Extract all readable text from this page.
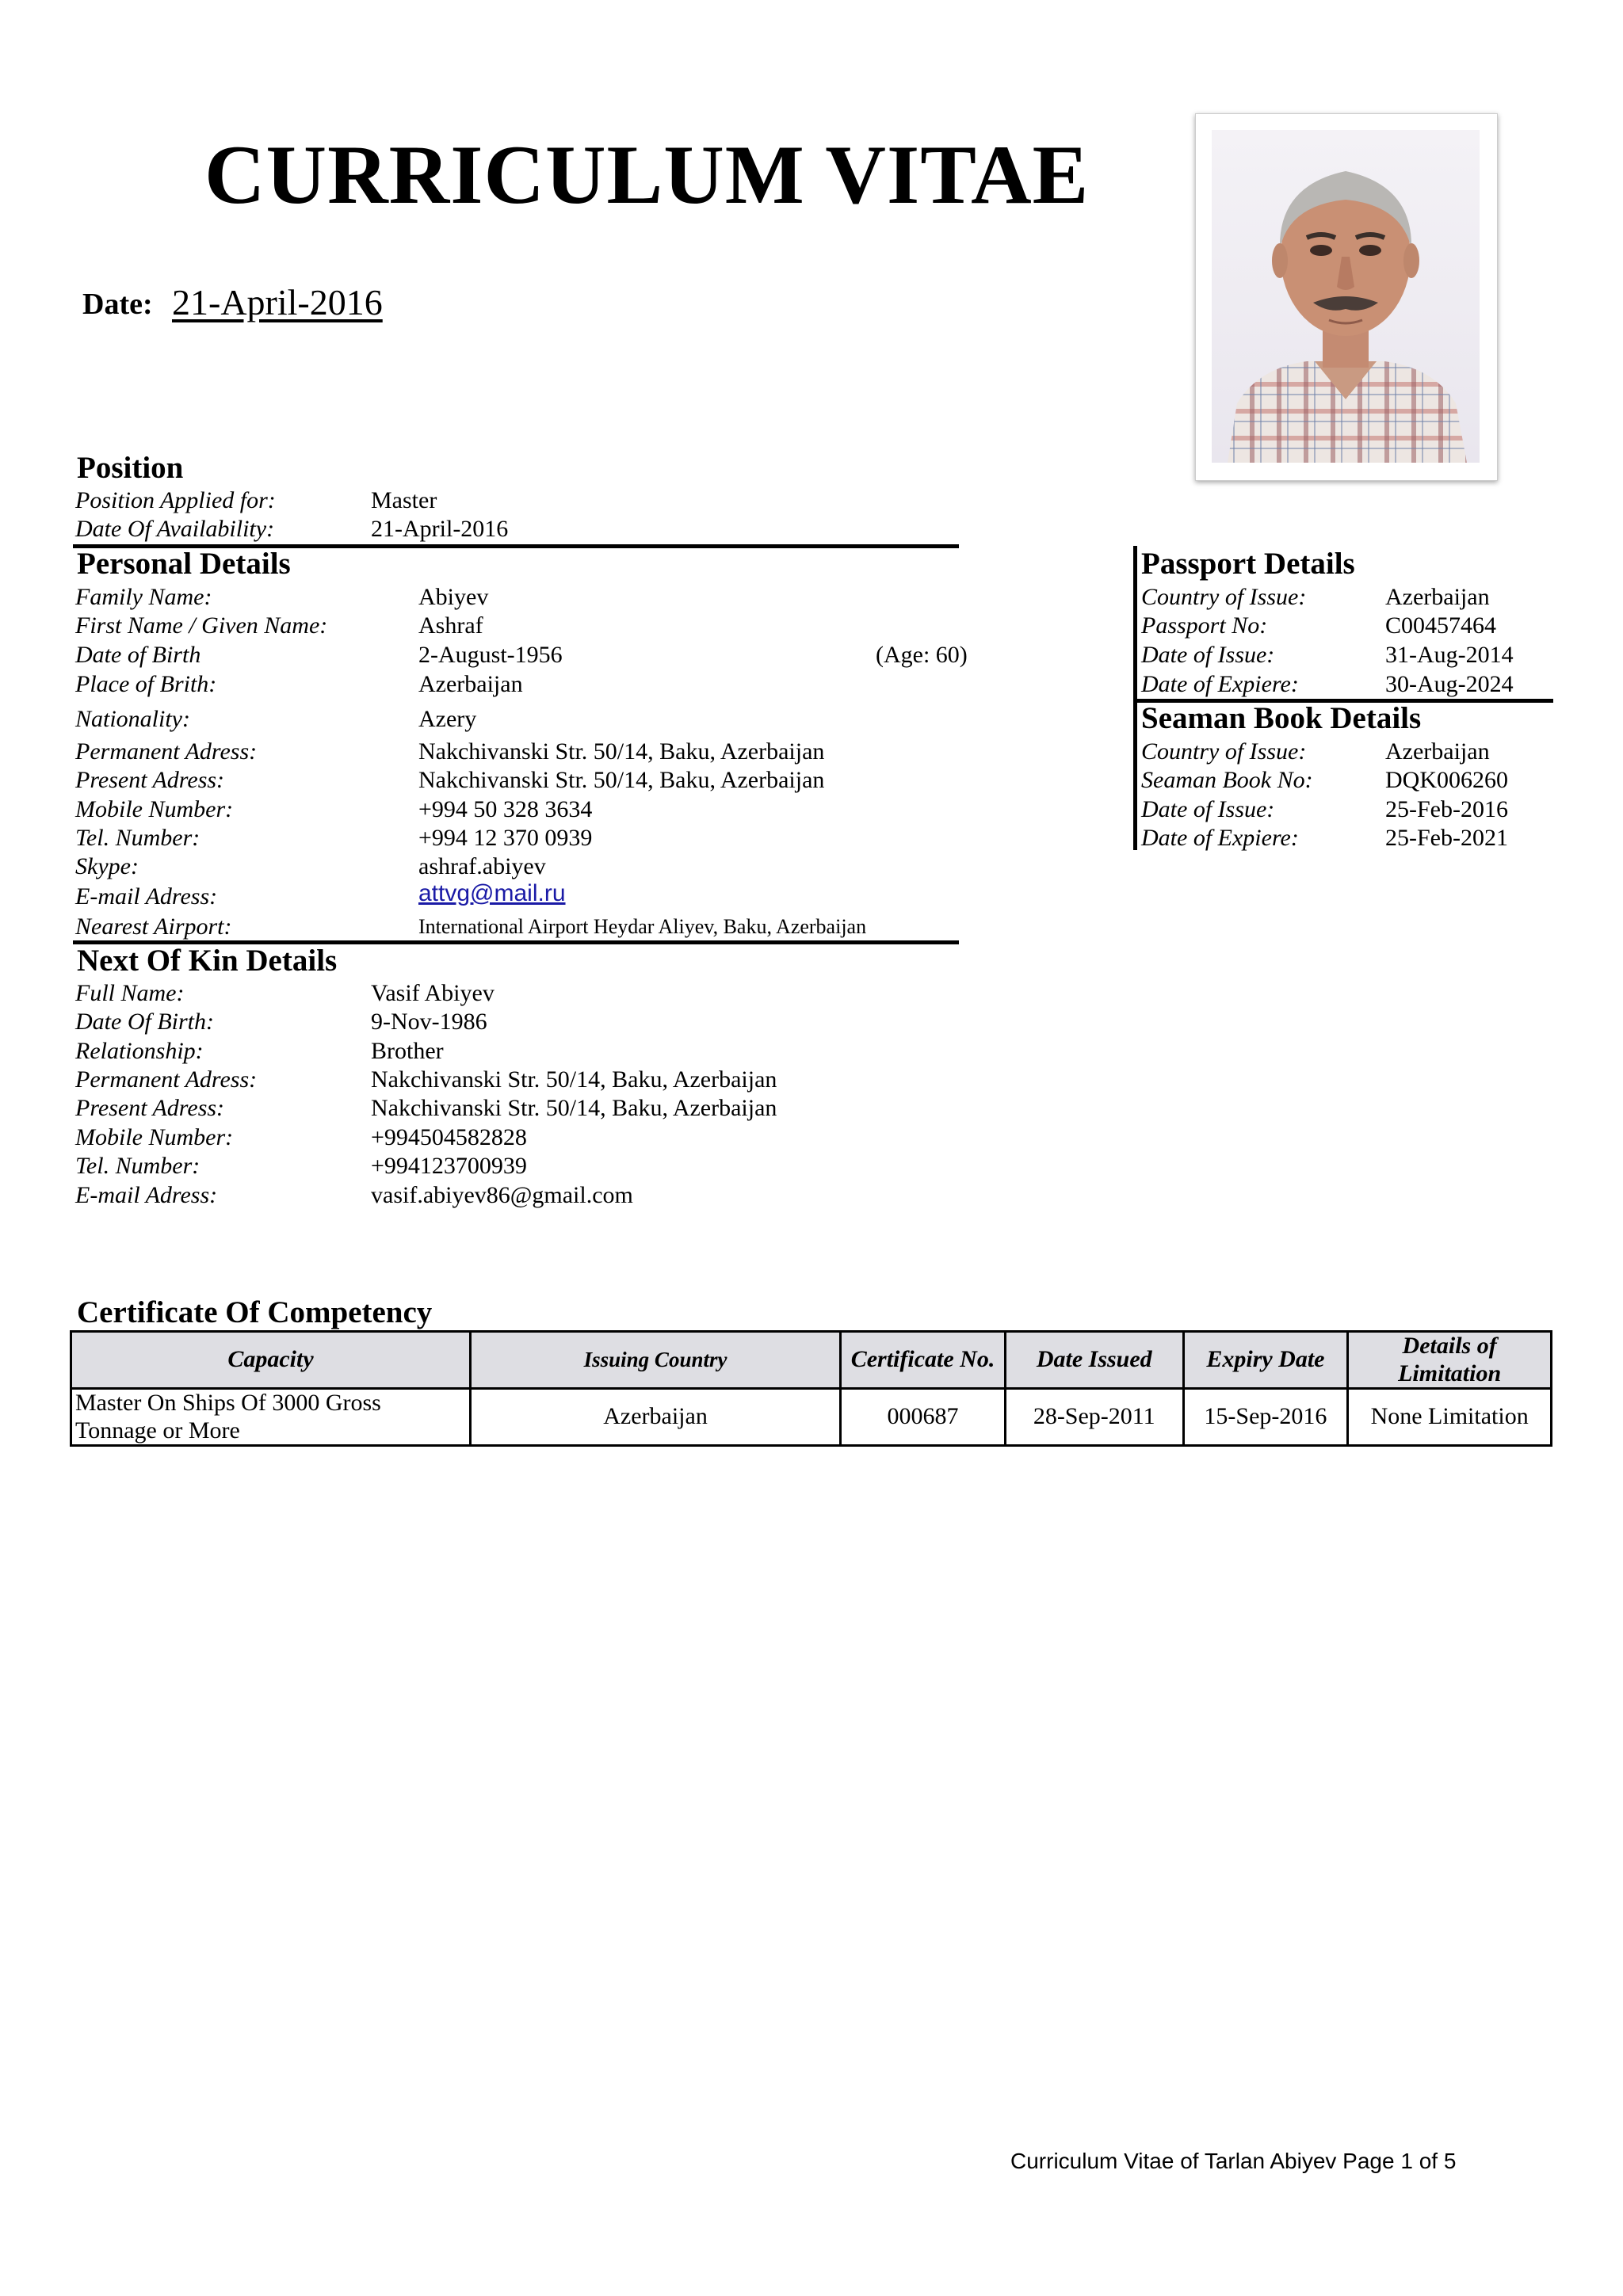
CURRICULUM VITAE
Date: 21-April-2016
Position
Position Applied for:	Master
Date Of Availability:	21-April-2016
Personal Details
Family Name:	Abiyev
First Name / Given Name:	Ashraf
Date of Birth	2-August-1956	(Age: 60)
Place of Brith:	Azerbaijan
Nationality:	Azery
Permanent Adress:	Nakchivanski Str. 50/14, Baku, Azerbaijan
Present Adress:	Nakchivanski Str. 50/14, Baku, Azerbaijan
Mobile Number:	+994 50 328 3634
Tel. Number:	+994 12 370 0939
Skype:	ashraf.abiyev
E-mail Adress:	attvg@mail.ru
Nearest Airport:	International Airport Heydar Aliyev, Baku, Azerbaijan
Next Of Kin Details
Full Name:	Vasif Abiyev
Date Of Birth:	9-Nov-1986
Relationship:	Brother
Permanent Adress:	Nakchivanski Str. 50/14, Baku, Azerbaijan
Present Adress:	Nakchivanski Str. 50/14, Baku, Azerbaijan
Mobile Number:	+994504582828
Tel. Number:	+994123700939
E-mail Adress:	vasif.abiyev86@gmail.com
Passport Details
Country of Issue:	Azerbaijan
Passport No:	C00457464
Date of Issue:	31-Aug-2014
Date of Expiere:	30-Aug-2024
Seaman Book Details
Country of Issue:	Azerbaijan
Seaman Book No:	DQK006260
Date of Issue:	25-Feb-2016
Date of Expiere:	25-Feb-2021
Certificate Of Competency
Capacity	Issuing Country	Certificate No.	Date Issued	Expiry Date	Details of Limitation
Master On Ships Of 3000 Gross Tonnage or More	Azerbaijan	000687	28-Sep-2011	15-Sep-2016	None Limitation
Curriculum Vitae of Tarlan Abiyev Page 1 of 5
